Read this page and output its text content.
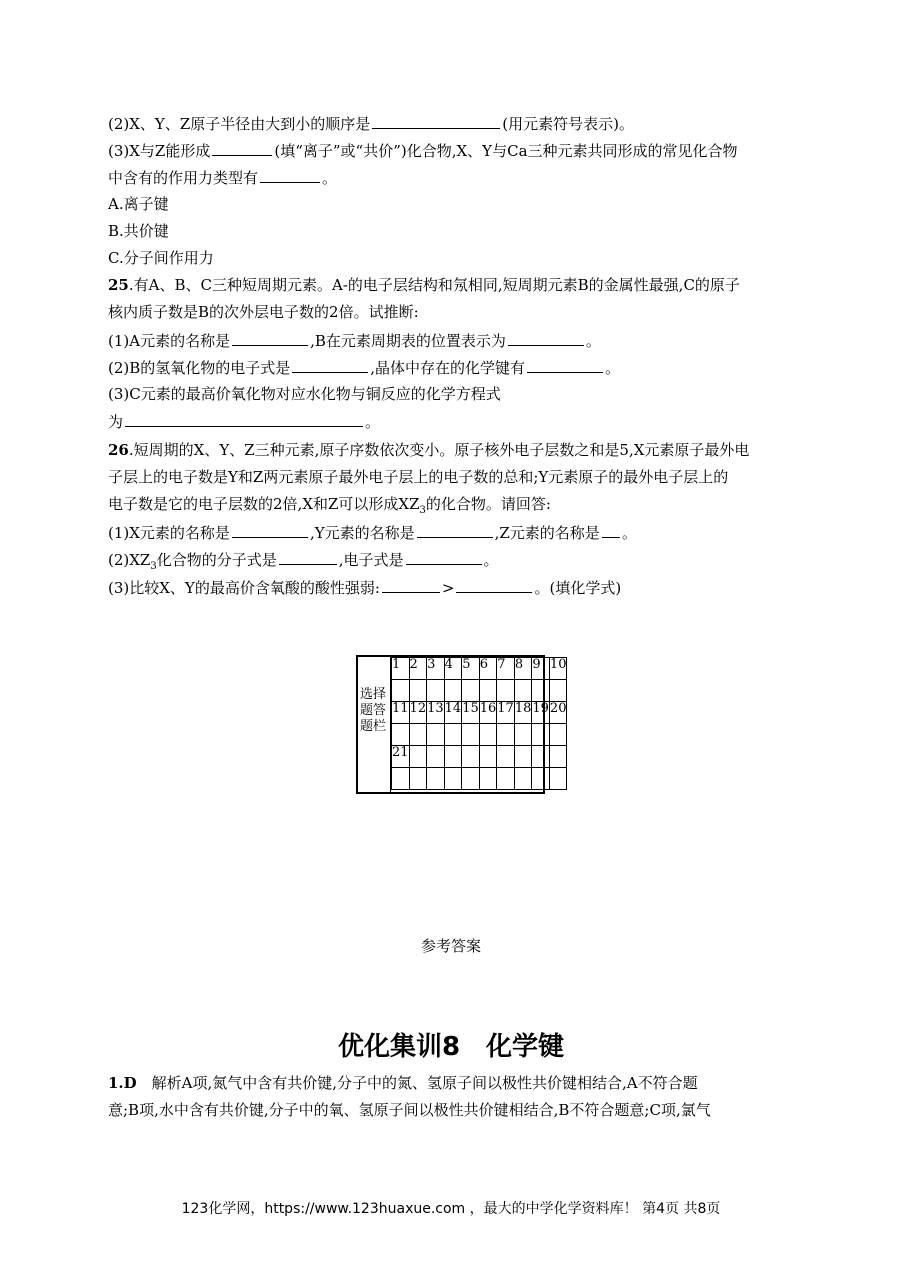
(2)X、Y、Z原子半径由大到小的顺序是	(用元素符号表示)。
(3)X与Z能形成	(填“离子”或“共价”)化合物,X、Y与Ca三种元素共同形成的常见化合物
中含有的作用力类型有	。
A.离子键
B.共价键
C.分子间作用力
25.有A、B、C三种短周期元素。A-的电子层结构和氖相同,短周期元素B的金属性最强,C的原子
核内质子数是B的次外层电子数的2倍。试推断:
(1)A元素的名称是	,B在元素周期表的位置表示为	。
(2)B的氢氧化物的电子式是	,晶体中存在的化学键有	。
(3)C元素的最高价氧化物对应水化物与铜反应的化学方程式
为	。
26.短周期的X、Y、Z三种元素,原子序数依次变小。原子核外电子层数之和是5,X元素原子最外电
子层上的电子数是Y和Z两元素原子最外电子层上的电子数的总和;Y元素原子的最外电子层上的
电子数是它的电子层数的2倍,X和Z可以形成$XZ_3$的化合物。请回答:
(1)X元素的名称是	,Y元素的名称是	,Z元素的名称是 。
$(2)XZ_3$化合物的分子式是	,电子式是	。
(3)比较X、Y的最高价含氧酸的酸性强弱:	>	。(填化学式)
选择题答题栏
1	2	3	4	5	6	7	8	9	10

11	12	13	14	15	16	17	18	19	20

21									

参考答案
优化集训8　化学键
1.D　解析A项,氮气中含有共价键,分子中的氮、氢原子间以极性共价键相结合,A不符合题
意;B项,水中含有共价键,分子中的氧、氢原子间以极性共价键相结合,B不符合题意;C项,氯气
123化学网，https://www.123huaxue.com ，最大的中学化学资料库！ 第4页 共8页
